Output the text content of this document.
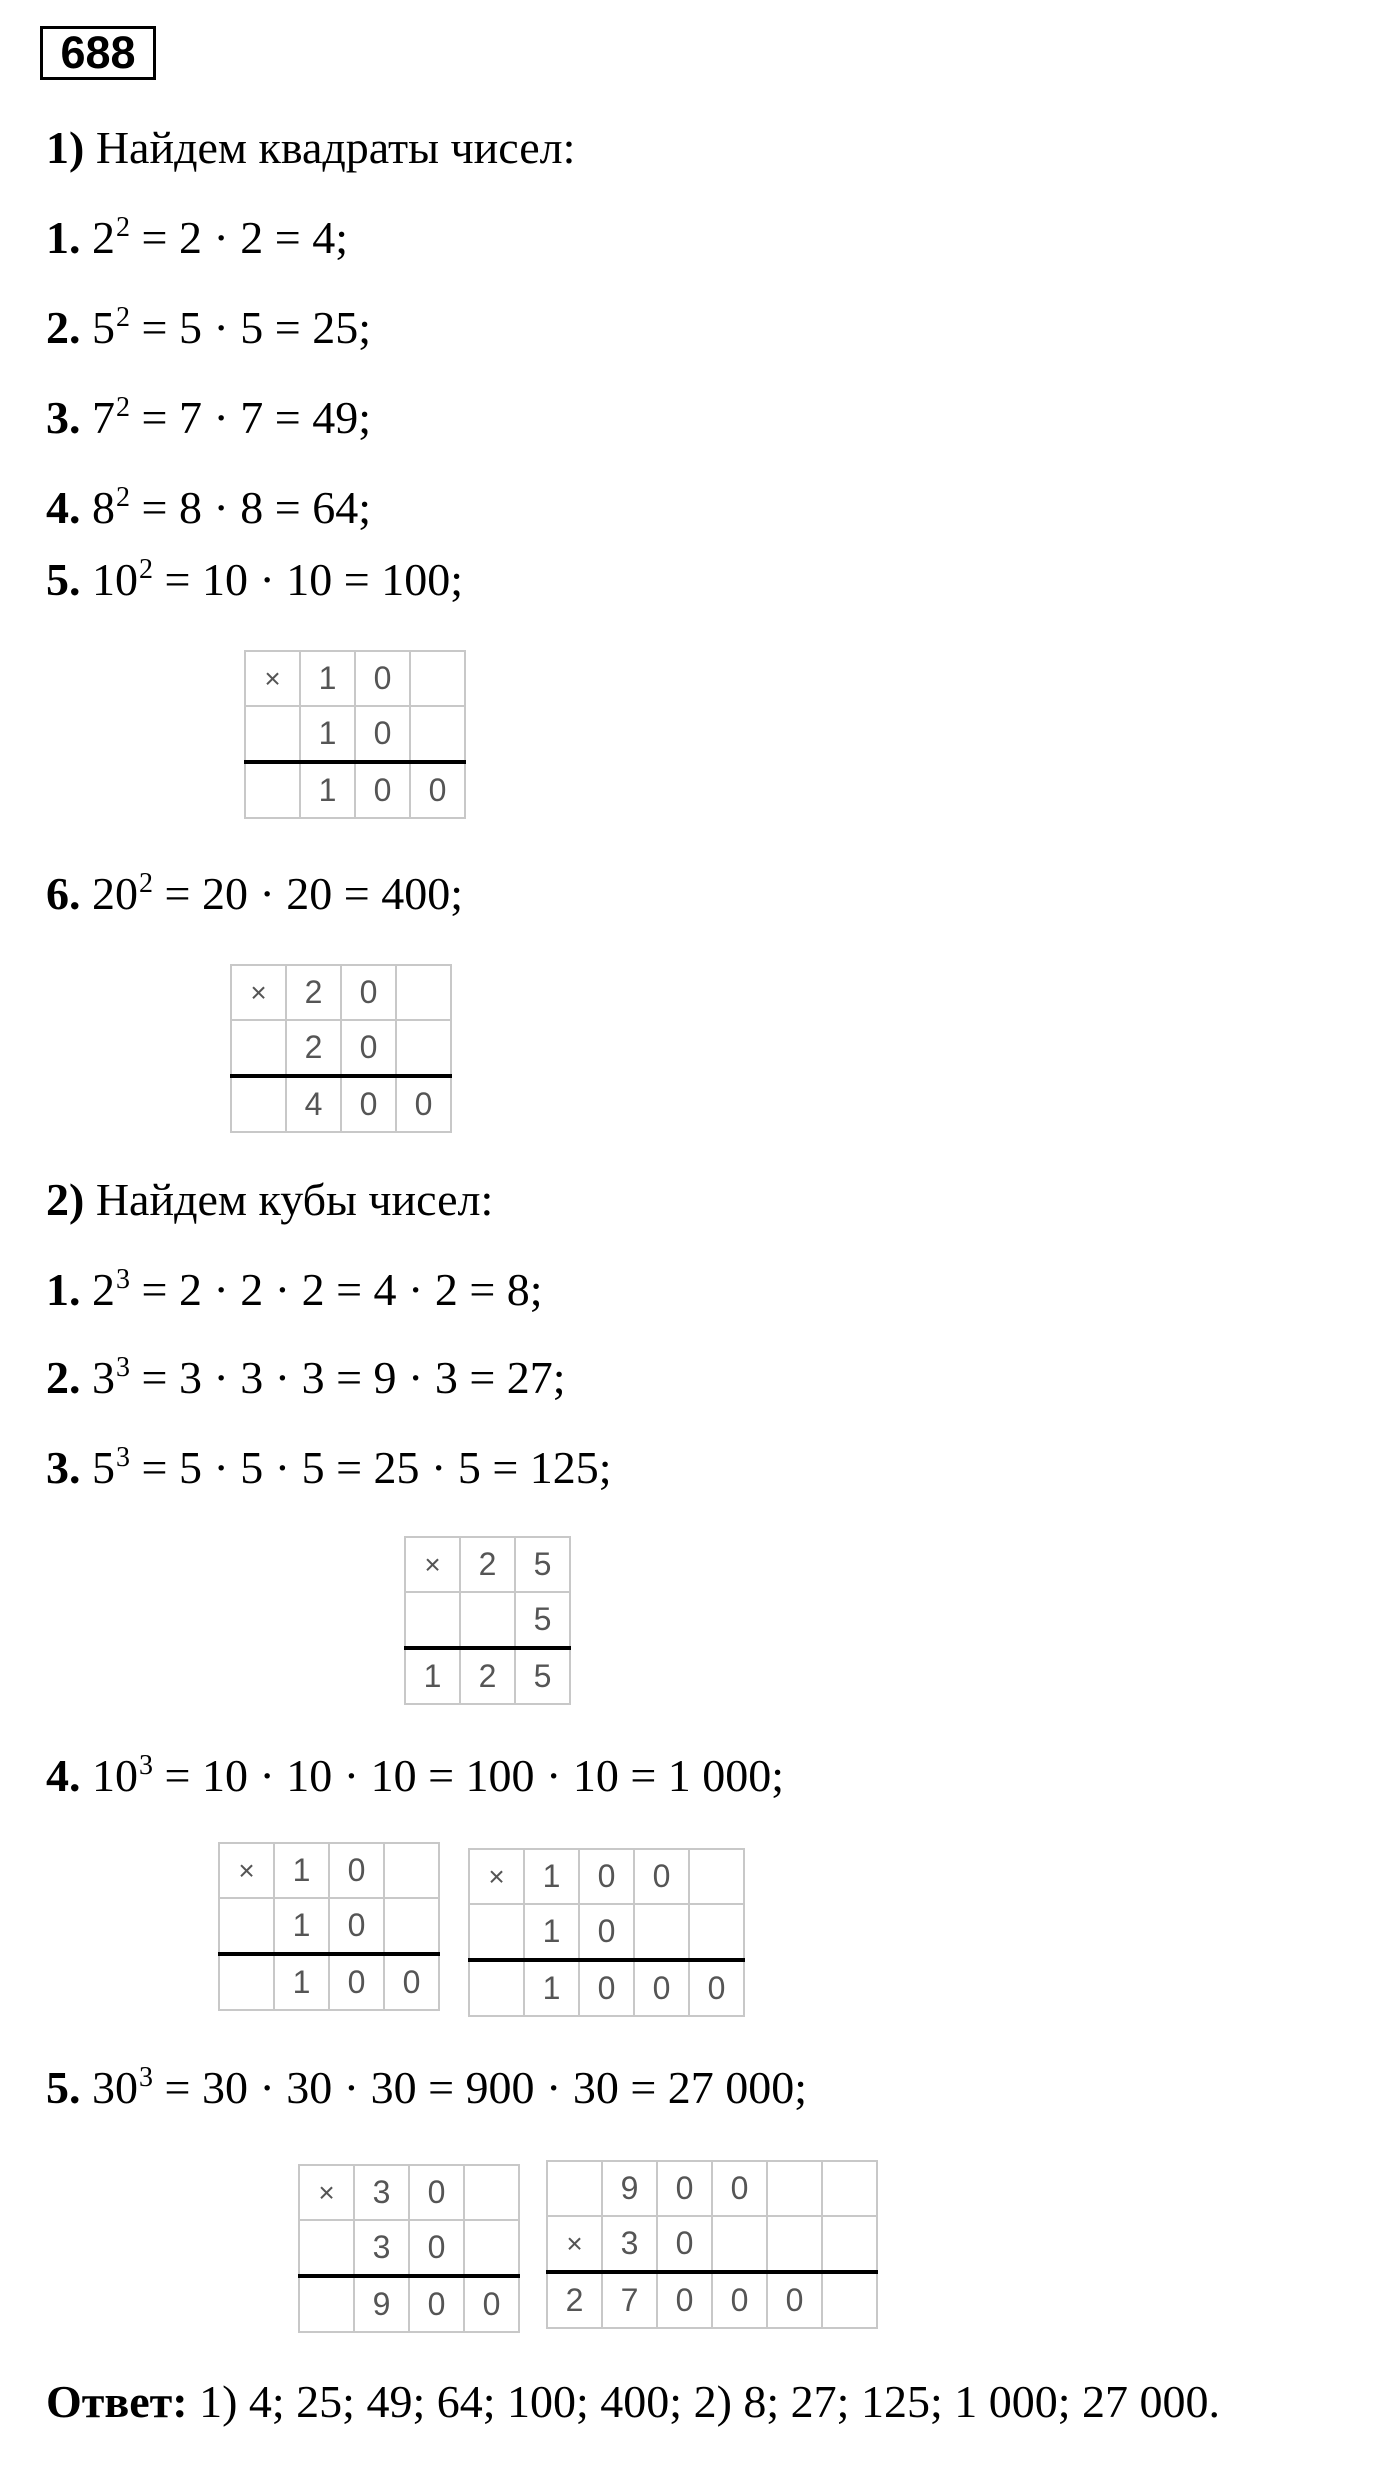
688
1) Найдем квадраты чисел:
1. $2^2 = 2 \cdot 2 = 4$;
2. $5^2 = 5 \cdot 5 = 25$;
3. $7^2 = 7 \cdot 7 = 49$;
4. $8^2 = 8 \cdot 8 = 64$;
5. $10^2 = 10 \cdot 10 = 100$;
×	1	0	
	1	0	
	1	0	0
6. $20^2 = 20 \cdot 20 = 400$;
×	2	0	
	2	0	
	4	0	0
2) Найдем кубы чисел:
1. $2^3 = 2 \cdot 2 \cdot 2 = 4 \cdot 2 = 8$;
2. $3^3 = 3 \cdot 3 \cdot 3 = 9 \cdot 3 = 27$;
3. $5^3 = 5 \cdot 5 \cdot 5 = 25 \cdot 5 = 125$;
×	2	5
		5
1	2	5
4. $10^3 = 10 \cdot 10 \cdot 10 = 100 \cdot 10 = 1$ 000;
×	1	0	
	1	0	
	1	0	0
×	1	0	0	
	1	0		
	1	0	0	0
5. $30^3 = 30 \cdot 30 \cdot 30 = 900 \cdot 30 = 27$ 000;
×	3	0	
	3	0	
	9	0	0
	9	0	0		
×	3	0			
2	7	0	0	0	
Ответ: 1) 4; 25; 49; 64; 100; 400; 2) 8; 27; 125; 1 000; 27 000.
